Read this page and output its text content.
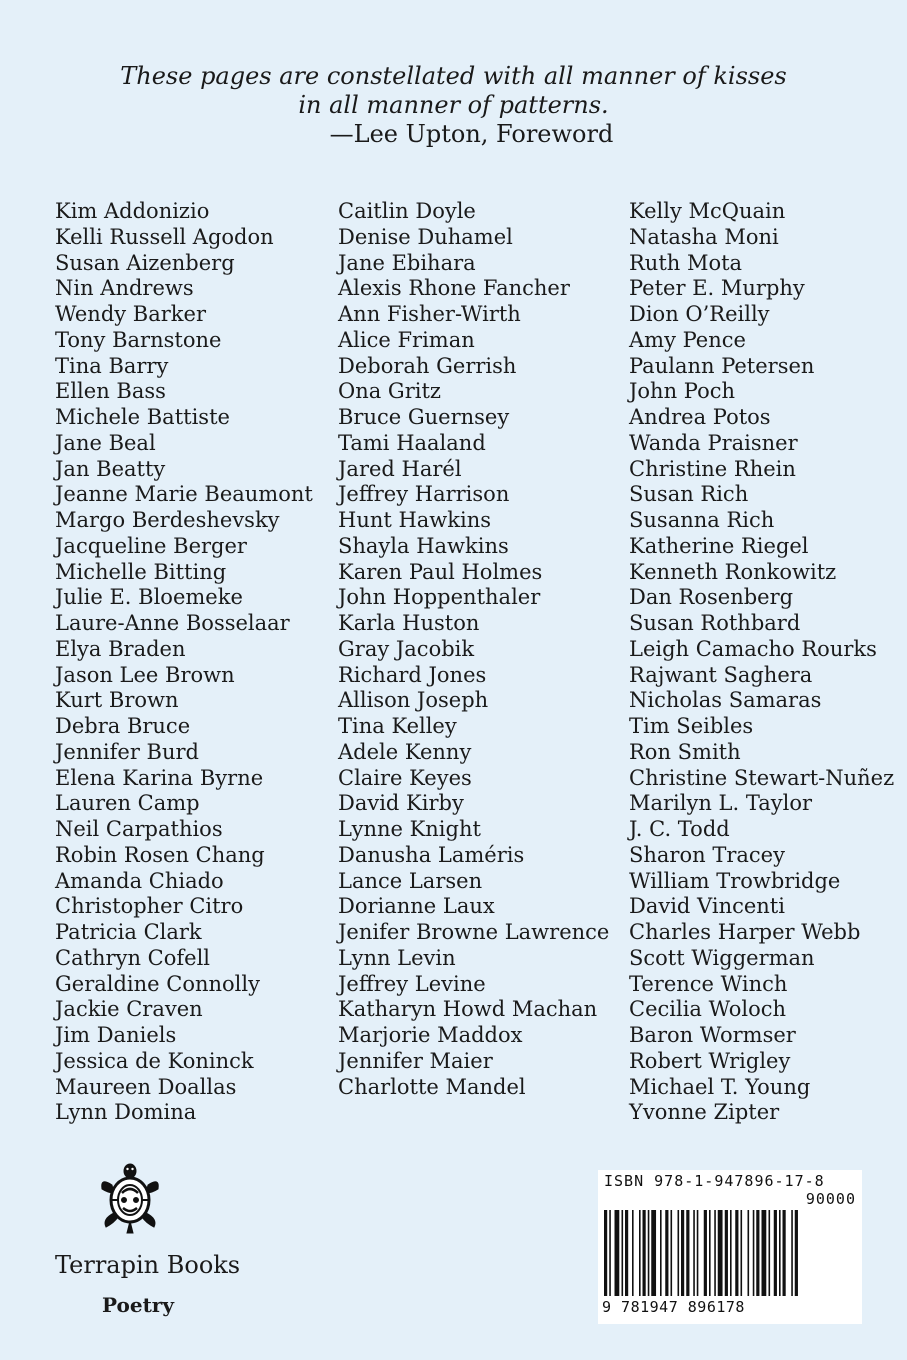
These pages are constellated with all manner of kisses
in all manner of patterns.
—Lee Upton, Foreword
Kim Addonizio
Kelli Russell Agodon
Susan Aizenberg
Nin Andrews
Wendy Barker
Tony Barnstone
Tina Barry
Ellen Bass
Michele Battiste
Jane Beal
Jan Beatty
Jeanne Marie Beaumont
Margo Berdeshevsky
Jacqueline Berger
Michelle Bitting
Julie E. Bloemeke
Laure-Anne Bosselaar
Elya Braden
Jason Lee Brown
Kurt Brown
Debra Bruce
Jennifer Burd
Elena Karina Byrne
Lauren Camp
Neil Carpathios
Robin Rosen Chang
Amanda Chiado
Christopher Citro
Patricia Clark
Cathryn Cofell
Geraldine Connolly
Jackie Craven
Jim Daniels
Jessica de Koninck
Maureen Doallas
Lynn Domina
Caitlin Doyle
Denise Duhamel
Jane Ebihara
Alexis Rhone Fancher
Ann Fisher-Wirth
Alice Friman
Deborah Gerrish
Ona Gritz
Bruce Guernsey
Tami Haaland
Jared Harél
Jeffrey Harrison
Hunt Hawkins
Shayla Hawkins
Karen Paul Holmes
John Hoppenthaler
Karla Huston
Gray Jacobik
Richard Jones
Allison Joseph
Tina Kelley
Adele Kenny
Claire Keyes
David Kirby
Lynne Knight
Danusha Laméris
Lance Larsen
Dorianne Laux
Jenifer Browne Lawrence
Lynn Levin
Jeffrey Levine
Katharyn Howd Machan
Marjorie Maddox
Jennifer Maier
Charlotte Mandel
Kelly McQuain
Natasha Moni
Ruth Mota
Peter E. Murphy
Dion O’Reilly
Amy Pence
Paulann Petersen
John Poch
Andrea Potos
Wanda Praisner
Christine Rhein
Susan Rich
Susanna Rich
Katherine Riegel
Kenneth Ronkowitz
Dan Rosenberg
Susan Rothbard
Leigh Camacho Rourks
Rajwant Saghera
Nicholas Samaras
Tim Seibles
Ron Smith
Christine Stewart-Nuñez
Marilyn L. Taylor
J. C. Todd
Sharon Tracey
William Trowbridge
David Vincenti
Charles Harper Webb
Scott Wiggerman
Terence Winch
Cecilia Woloch
Baron Wormser
Robert Wrigley
Michael T. Young
Yvonne Zipter
Terrapin Books
Poetry
ISBN 978-1-947896-17-8
90000
9 781947 896178
